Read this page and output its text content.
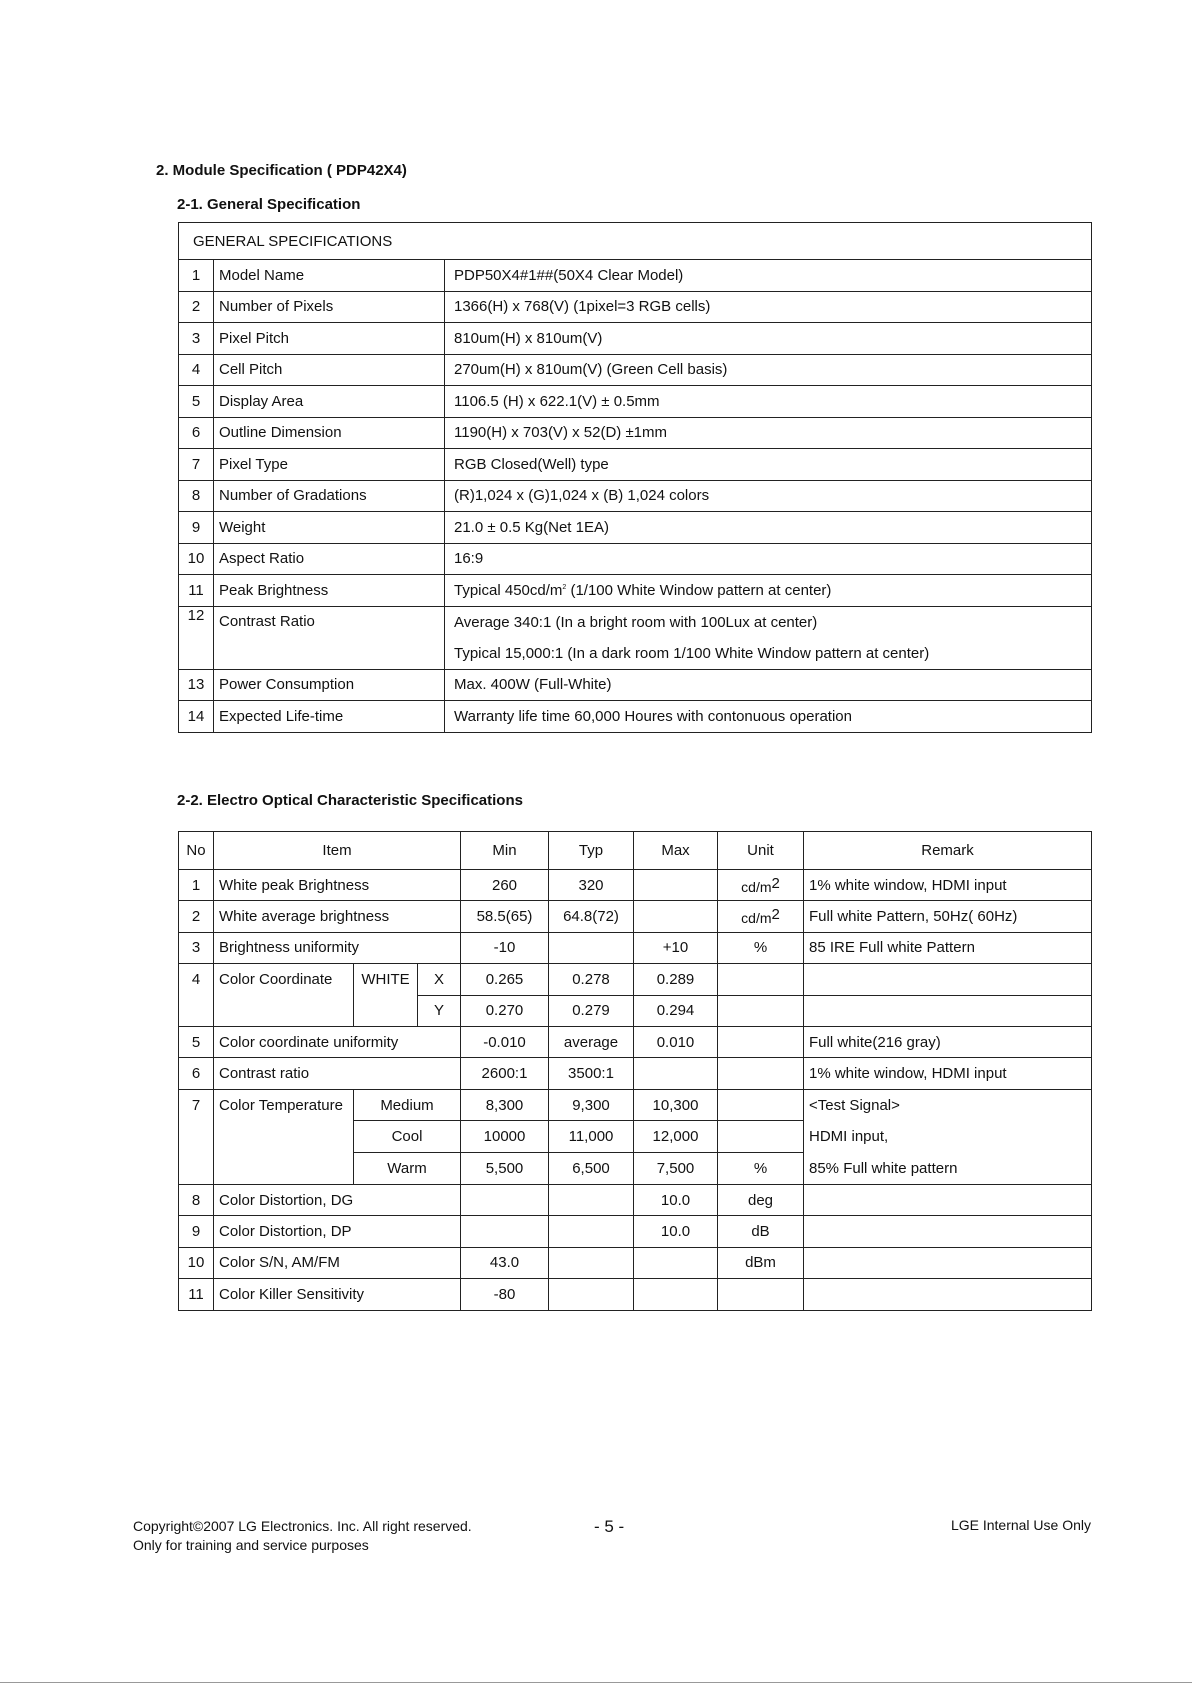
2. Module Specification ( PDP42X4)
2-1. General Specification
GENERAL SPECIFICATIONS		
1	Model Name	PDP50X4#1##(50X4 Clear Model)
2	Number of Pixels	1366(H) x 768(V) (1pixel=3 RGB cells)
3	Pixel Pitch	810um(H) x 810um(V)
4	Cell Pitch	270um(H) x 810um(V) (Green Cell basis)
5	Display Area	1106.5 (H) x 622.1(V) ± 0.5mm
6	Outline Dimension	1190(H) x 703(V) x 52(D) ±1mm
7	Pixel Type	RGB Closed(Well) type
8	Number of Gradations	(R)1,024 x (G)1,024 x (B) 1,024 colors
9	Weight	21.0 ± 0.5 Kg(Net 1EA)
10	Aspect Ratio	16:9
11	Peak Brightness	Typical $450cd/m^2$ (1/100 White Window pattern at center)
12	Contrast Ratio	Average 340:1 (In a bright room with 100Lux at center)
Typical 15,000:1 (In a dark room 1/100 White Window pattern at center)

13	Power Consumption	Max. 400W (Full-White)
14	Expected Life-time	Warranty life time 60,000 Houres with contonuous operation
2-2. Electro Optical Characteristic Specifications
No	Item			Min	Typ	Max	Unit	Remark
1	White peak Brightness			260	320		cd/m2	1% white window, HDMI input
2	White average brightness			58.5(65)	64.8(72)		cd/m2	Full white Pattern, 50Hz( 60Hz)
3	Brightness uniformity			-10		+10	%	85 IRE Full white Pattern
4	Color Coordinate	WHITE	X	0.265	0.278	0.289		
			Y	0.270	0.279	0.294		
5	Color coordinate uniformity			-0.010	average	0.010		Full white(216 gray)
6	Contrast ratio			2600:1	3500:1			1% white window, HDMI input
7	Color Temperature	Medium		8,300	9,300	10,300		<Test Signal>
HDMI input,
85% Full white pattern

		Cool		10000	11,000	12,000		
		Warm		5,500	6,500	7,500	%	
8	Color Distortion, DG					10.0	deg	
9	Color Distortion, DP					10.0	dB	
10	Color S/N, AM/FM			43.0			dBm	
11	Color Killer Sensitivity			-80				
Copyright©2007 LG Electronics. Inc. All right reserved.
Only for training and service purposes
- 5 -	LGE Internal Use Only
